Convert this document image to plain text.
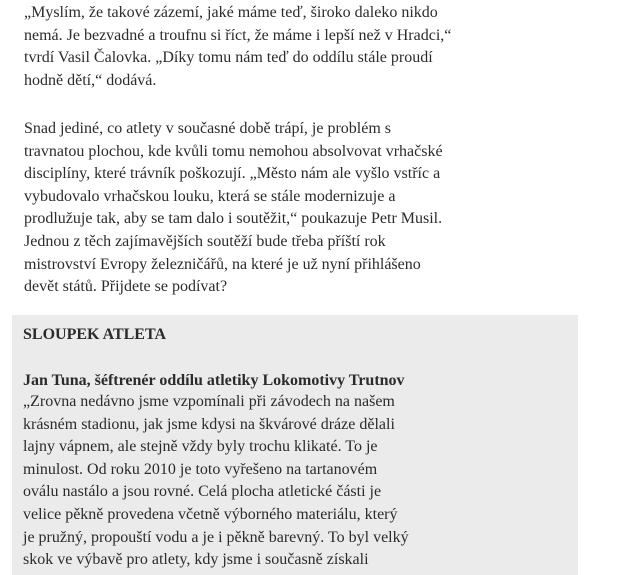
„Myslím, že takové zázemí, jaké máme teď, široko daleko nikdo
nemá. Je bezvadné a troufnu si říct, že máme i lepší než v Hradci,“
tvrdí Vasil Čalovka. „Díky tomu nám teď do oddílu stále proudí
hodně dětí,“ dodává.

Snad jediné, co atlety v současné době trápí, je problém s
travnatou plochou, kde kvůli tomu nemohou absolvovat vrhačské
disciplíny, které trávník poškozují. „Město nám ale vyšlo vstříc a
vybudovalo vrhačskou louku, která se stále modernizuje a
prodlužuje tak, aby se tam dalo i soutěžit,“ poukazuje Petr Musil.
Jednou z těch zajímavějších soutěží bude třeba příští rok
mistrovství Evropy železničářů, na které je už nyní přihlášeno
devět států. Přijdete se podívat?

SLOUPEK ATLETA

Jan Tuna, šéftrenér oddílu atletiky Lokomotivy Trutnov

„Zrovna nedávno jsme vzpomínali při závodech na našem
krásném stadionu, jak jsme kdysi na škvárové dráze dělali
lajny vápnem, ale stejně vždy byly trochu klikaté. To je
minulost. Od roku 2010 je toto vyřešeno na tartanovém
oválu nastálo a jsou rovné. Celá plocha atletické části je
velice pěkně provedena včetně výborného materiálu, který
je pružný, propouští vodu a je i pěkně barevný. To byl velký
skok ve výbavě pro atlety, kdy jsme i současně získali
